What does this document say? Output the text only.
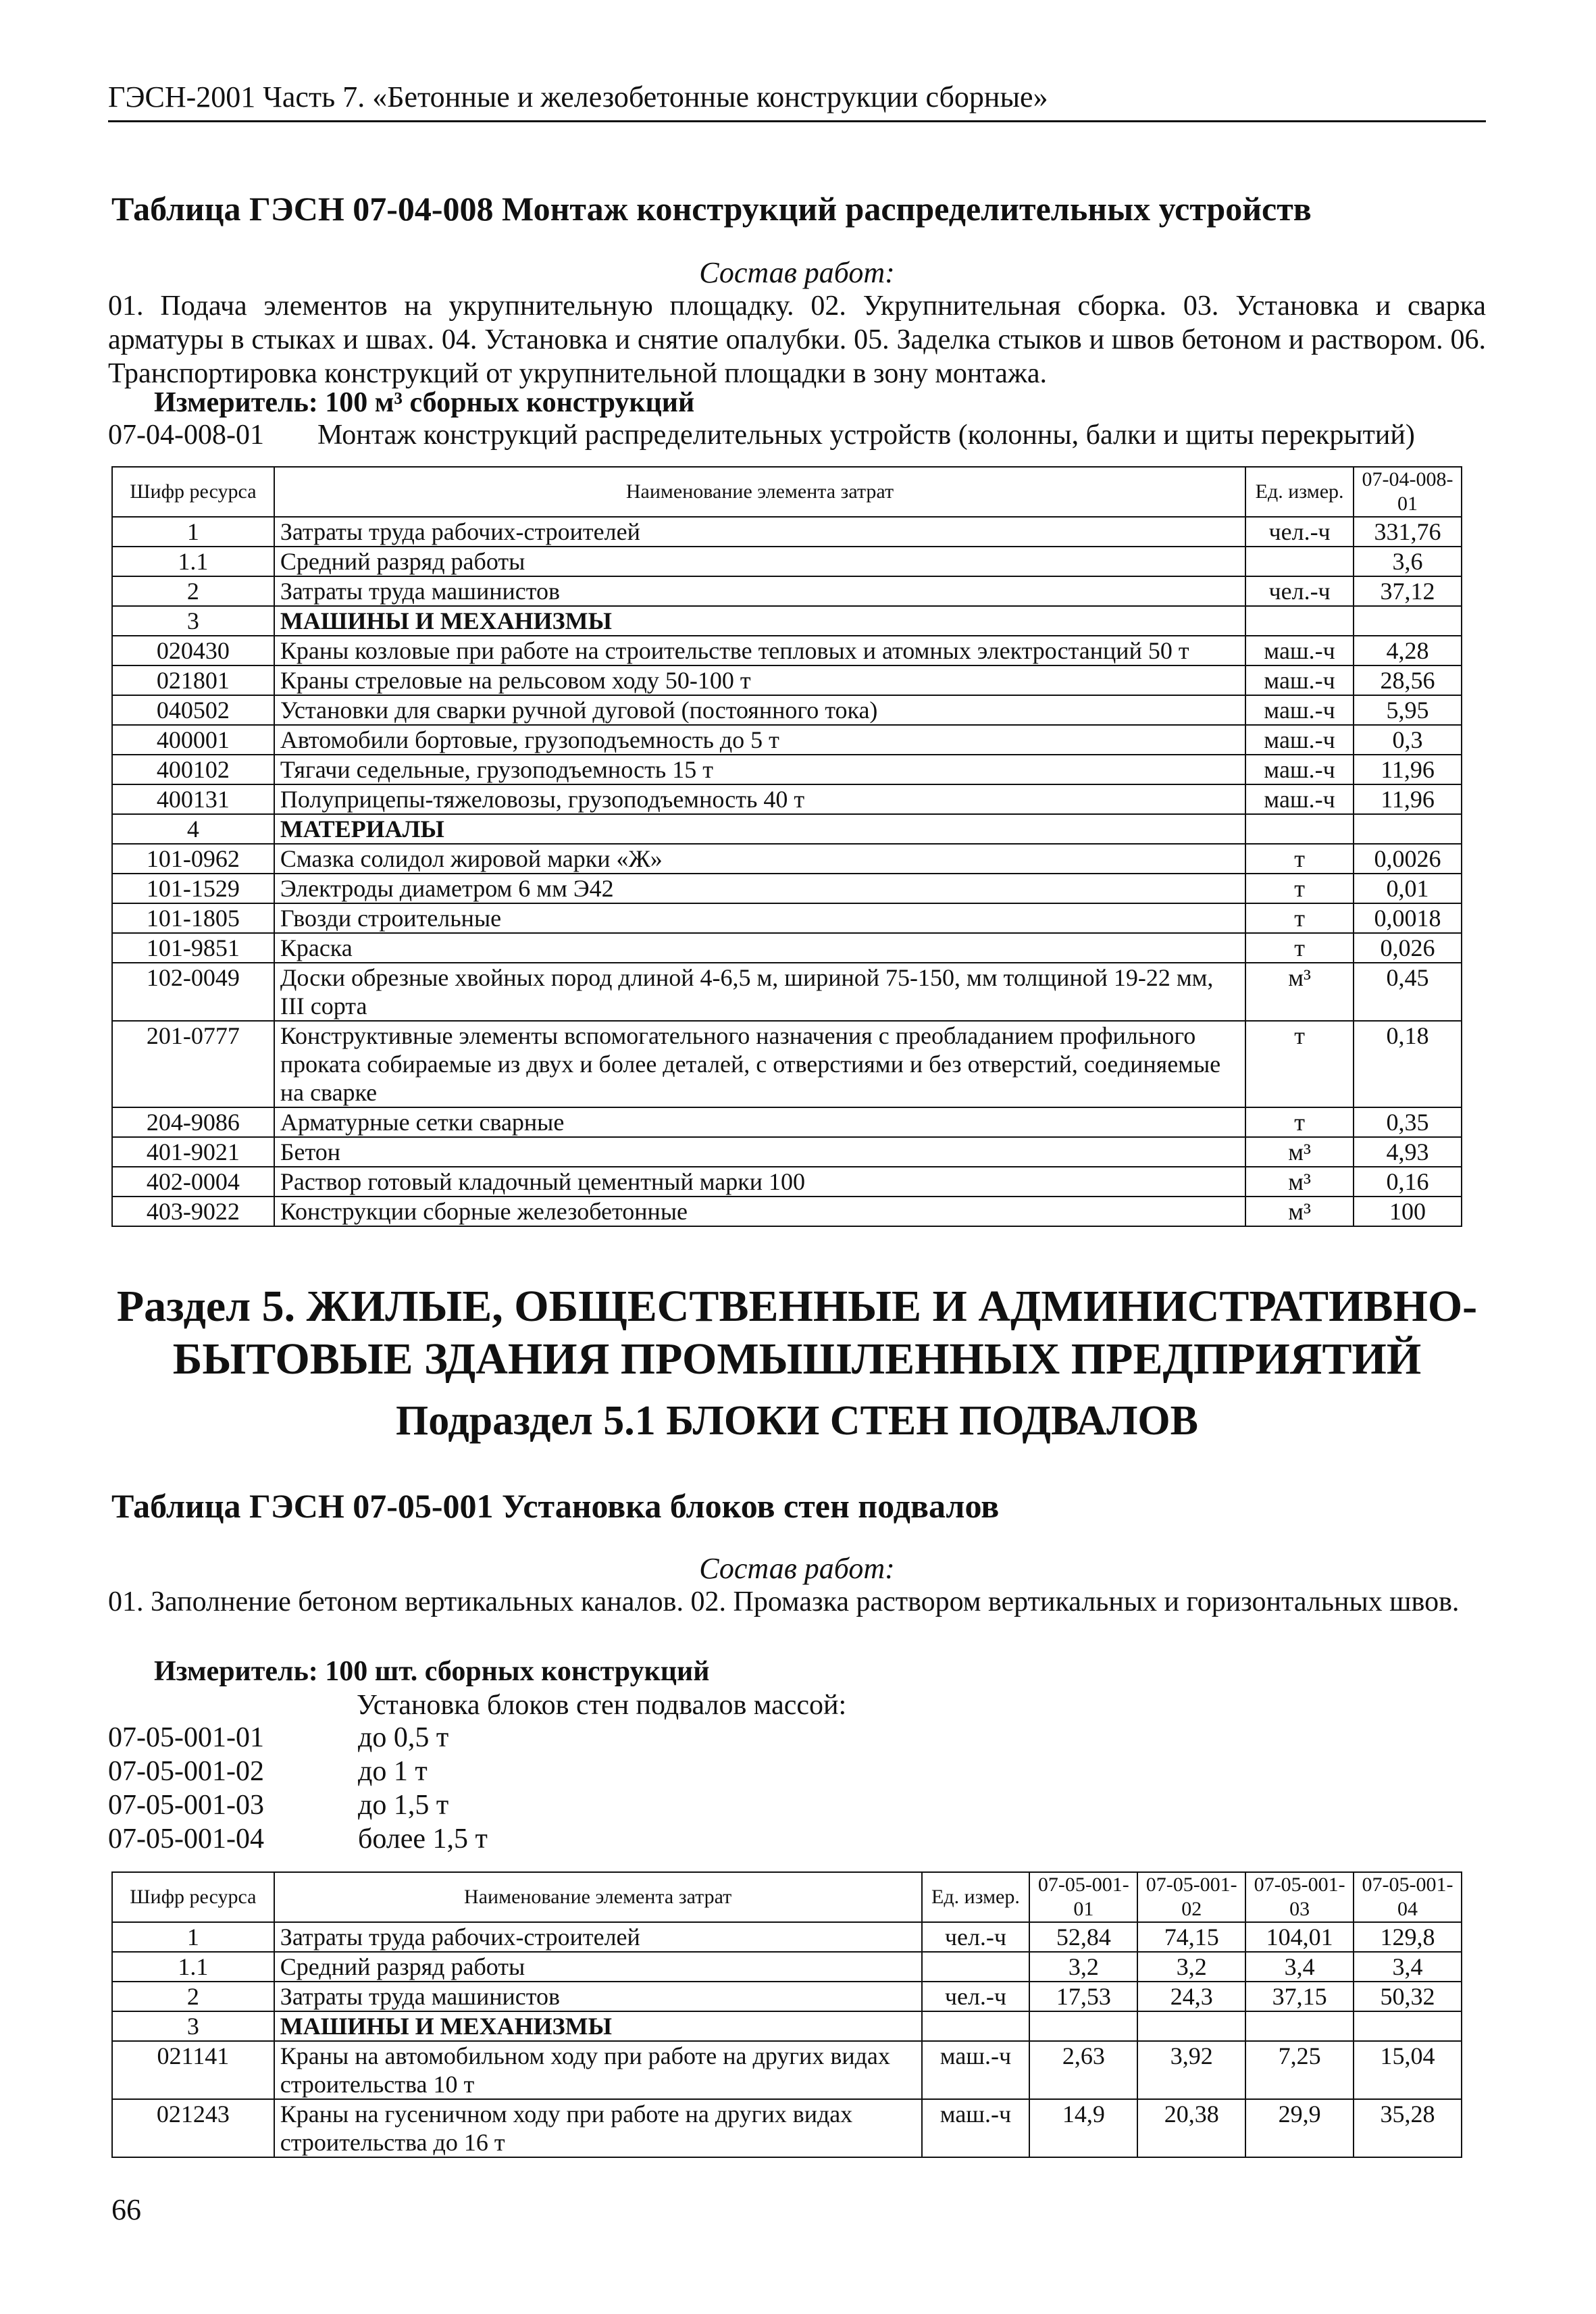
ГЭСН-2001 Часть 7. «Бетонные и железобетонные конструкции сборные»
Таблица ГЭСН 07-04-008 Монтаж конструкций распределительных устройств
Состав работ:
01. Подача элементов на укрупнительную площадку. 02. Укрупнительная сборка. 03. Установка и сварка арматуры в стыках и швах. 04. Установка и снятие опалубки. 05. Заделка стыков и швов бетоном и раствором. 06. Транспортировка конструкций от укрупнительной площадки в зону монтажа.
Измеритель: 100 м³ сборных конструкций
07-04-008-01 Монтаж конструкций распределительных устройств (колонны, балки и щиты перекрытий)
Шифр ресурса	Наименование элемента затрат	Ед. измер.	07-04-008-01
1	Затраты труда рабочих-строителей	чел.-ч	331,76
1.1	Средний разряд работы		3,6
2	Затраты труда машинистов	чел.-ч	37,12
3	МАШИНЫ И МЕХАНИЗМЫ		
020430	Краны козловые при работе на строительстве тепловых и атомных электростанций 50 т	маш.-ч	4,28
021801	Краны стреловые на рельсовом ходу 50-100 т	маш.-ч	28,56
040502	Установки для сварки ручной дуговой (постоянного тока)	маш.-ч	5,95
400001	Автомобили бортовые, грузоподъемность до 5 т	маш.-ч	0,3
400102	Тягачи седельные, грузоподъемность 15 т	маш.-ч	11,96
400131	Полуприцепы-тяжеловозы, грузоподъемность 40 т	маш.-ч	11,96
4	МАТЕРИАЛЫ		
101-0962	Смазка солидол жировой марки «Ж»	т	0,0026
101-1529	Электроды диаметром 6 мм Э42	т	0,01
101-1805	Гвозди строительные	т	0,0018
101-9851	Краска	т	0,026
102-0049	Доски обрезные хвойных пород длиной 4-6,5 м, шириной 75-150, мм толщиной 19-22 мм, III сорта	м³	0,45
201-0777	Конструктивные элементы вспомогательного назначения с преобладанием профильного проката собираемые из двух и более деталей, с отверстиями и без отверстий, соединяемые на сварке	т	0,18
204-9086	Арматурные сетки сварные	т	0,35
401-9021	Бетон	м³	4,93
402-0004	Раствор готовый кладочный цементный марки 100	м³	0,16
403-9022	Конструкции сборные железобетонные	м³	100
Раздел 5. ЖИЛЫЕ, ОБЩЕСТВЕННЫЕ И АДМИНИСТРАТИВНО-
БЫТОВЫЕ ЗДАНИЯ ПРОМЫШЛЕННЫХ ПРЕДПРИЯТИЙ
Подраздел 5.1 БЛОКИ СТЕН ПОДВАЛОВ
Таблица ГЭСН 07-05-001 Установка блоков стен подвалов
Состав работ:
01. Заполнение бетоном вертикальных каналов. 02. Промазка раствором вертикальных и горизонтальных швов.
Измеритель: 100 шт. сборных конструкций
Установка блоков стен подвалов массой:
07-05-001-01	до 0,5 т
07-05-001-02	до 1 т
07-05-001-03	до 1,5 т
07-05-001-04	более 1,5 т
Шифр ресурса	Наименование элемента затрат	Ед. измер.	07-05-001-01	07-05-001-02	07-05-001-03	07-05-001-04
1	Затраты труда рабочих-строителей	чел.-ч	52,84	74,15	104,01	129,8
1.1	Средний разряд работы		3,2	3,2	3,4	3,4
2	Затраты труда машинистов	чел.-ч	17,53	24,3	37,15	50,32
3	МАШИНЫ И МЕХАНИЗМЫ					
021141	Краны на автомобильном ходу при работе на других видах строительства 10 т	маш.-ч	2,63	3,92	7,25	15,04
021243	Краны на гусеничном ходу при работе на других видах строительства до 16 т	маш.-ч	14,9	20,38	29,9	35,28
66
